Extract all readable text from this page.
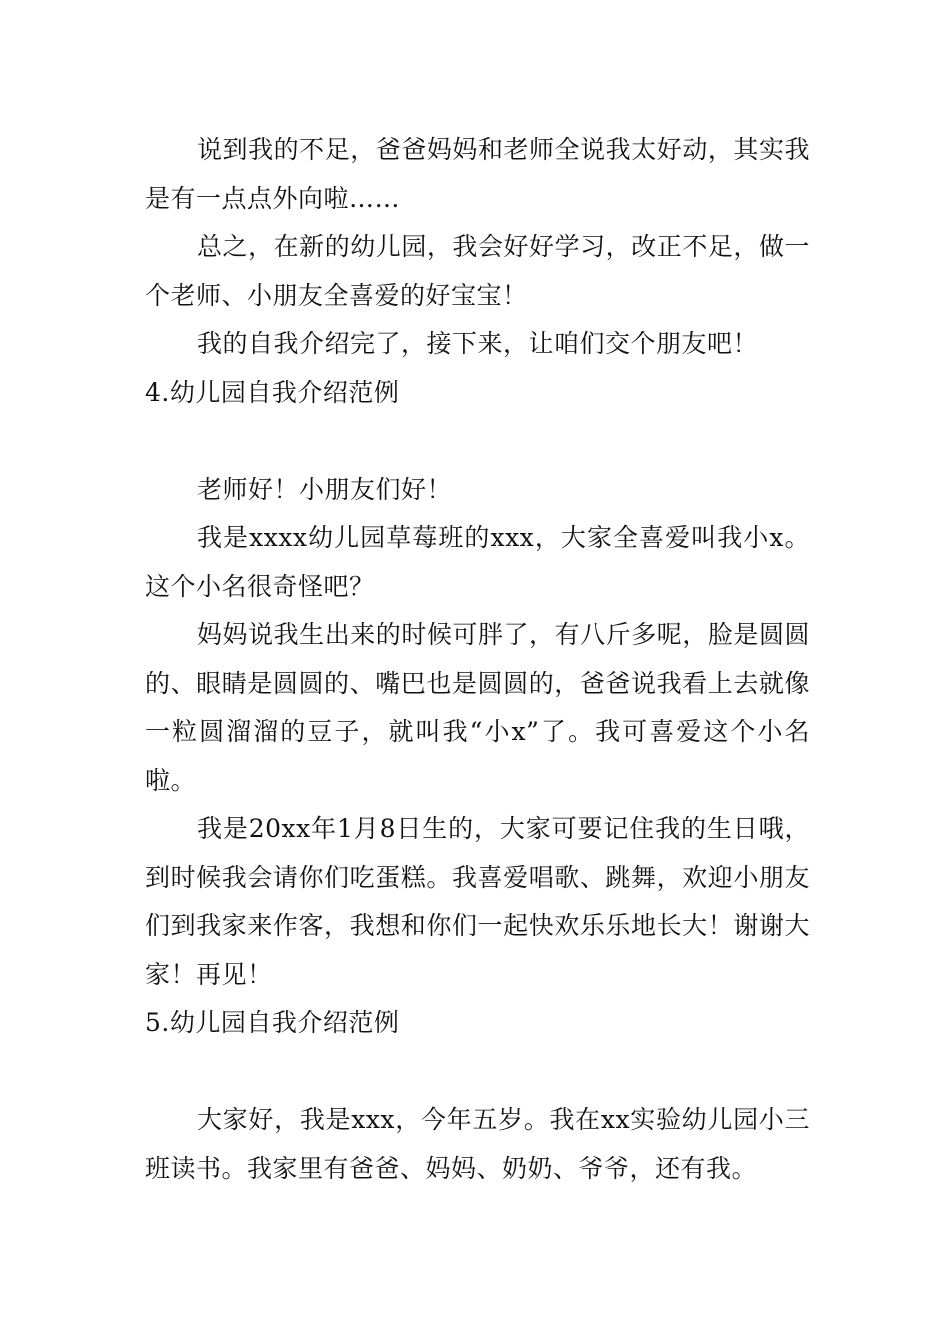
说到我的不足，爸爸妈妈和老师全说我太好动，其实我是有一点点外向啦……

总之，在新的幼儿园，我会好好学习，改正不足，做一个老师、小朋友全喜爱的好宝宝！

我的自我介绍完了，接下来，让咱们交个朋友吧！

4.幼儿园自我介绍范例

老师好！小朋友们好！

我是xxxx幼儿园草莓班的xxx，大家全喜爱叫我小x。这个小名很奇怪吧？

妈妈说我生出来的时候可胖了，有八斤多呢，脸是圆圆的、眼睛是圆圆的、嘴巴也是圆圆的，爸爸说我看上去就像一粒圆溜溜的豆子，就叫我“小x”了。我可喜爱这个小名啦。

我是20xx年1月8日生的，大家可要记住我的生日哦，到时候我会请你们吃蛋糕。我喜爱唱歌、跳舞，欢迎小朋友们到我家来作客，我想和你们一起快欢乐乐地长大！谢谢大家！再见！

5.幼儿园自我介绍范例

大家好，我是xxx，今年五岁。我在xx实验幼儿园小三班读书。我家里有爸爸、妈妈、奶奶、爷爷，还有我。
